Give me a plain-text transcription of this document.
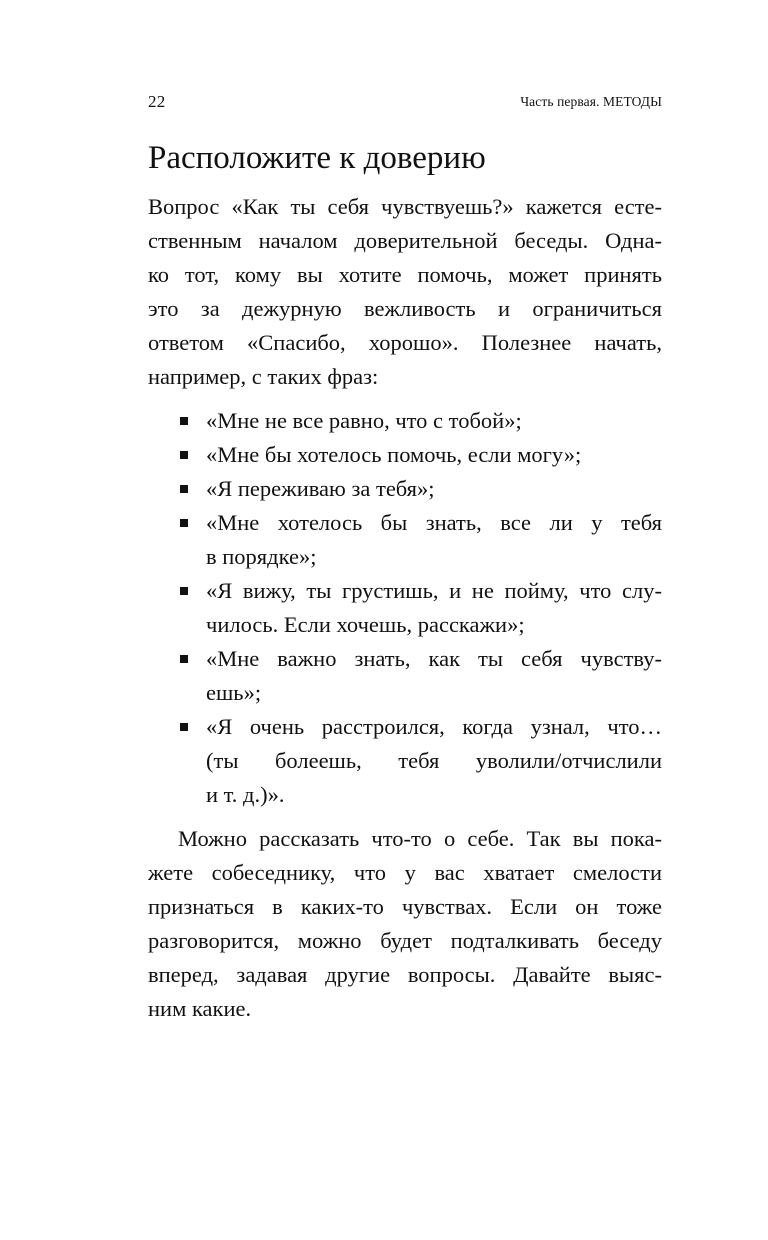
22	Часть первая. МЕТОДЫ
Расположите к доверию
Вопрос «Как ты себя чувствуешь?» кажется есте-
ственным началом доверительной беседы. Одна-
ко тот, кому вы хотите помочь, может принять
это за дежурную вежливость и ограничиться
ответом «Спасибо, хорошо». Полезнее начать,
например, с таких фраз:
«Мне не все равно, что с тобой»;
«Мне бы хотелось помочь, если могу»;
«Я переживаю за тебя»;
«Мне хотелось бы знать, все ли у тебя
в порядке»;
«Я вижу, ты грустишь, и не пойму, что слу-
чилось. Если хочешь, расскажи»;
«Мне важно знать, как ты себя чувству-
ешь»;
«Я очень расстроился, когда узнал, что…
(ты болеешь, тебя уволили/отчислили
и т. д.)».
Можно рассказать что-то о себе. Так вы пока-
жете собеседнику, что у вас хватает смелости
признаться в каких-то чувствах. Если он тоже
разговорится, можно будет подталкивать беседу
вперед, задавая другие вопросы. Давайте выяс-
ним какие.
